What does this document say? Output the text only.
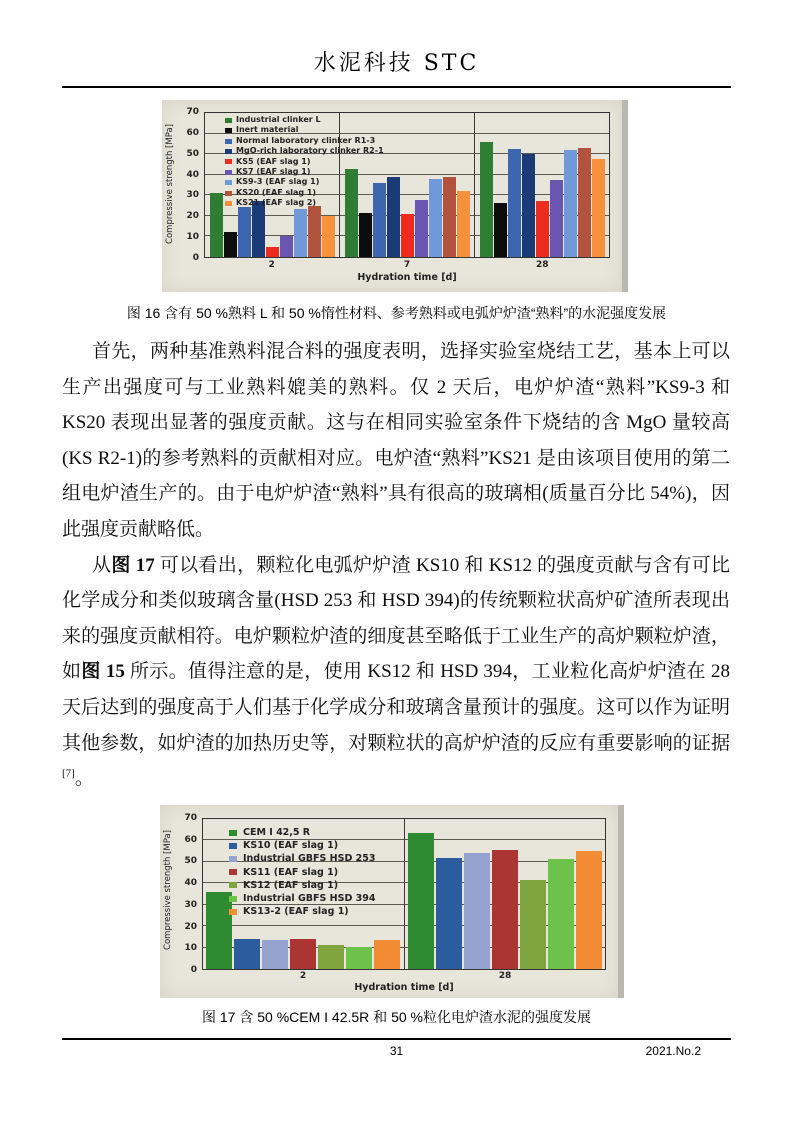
水泥科技 STC
Compressive strength [MPa]
0
10
20
30
40
50
60
70
Industrial clinker L
Inert material
Normal laboratory clinker R1-3
MgO-rich laboratory clinker R2-1
KS5 (EAF slag 1)
KS7 (EAF slag 1)
KS9-3 (EAF slag 1)
KS20 (EAF slag 1)
KS21 (EAF slag 2)
2	7	28
Hydration time [d]
图 16 含有 50 %熟料 L 和 50 %惰性材料、参考熟料或电弧炉炉渣“熟料”的水泥强度发展

首先，两种基准熟料混合料的强度表明，选择实验室烧结工艺，基本上可以生产出强度可与工业熟料媲美的熟料。仅 2 天后，电炉炉渣“熟料”KS9-3 和 KS20 表现出显著的强度贡献。这与在相同实验室条件下烧结的含 MgO 量较高(KS R2-1)的参考熟料的贡献相对应。电炉渣“熟料”KS21 是由该项目使用的第二组电炉渣生产的。由于电炉炉渣“熟料”具有很高的玻璃相(质量百分比 54%)，因此强度贡献略低。

从图 17 可以看出，颗粒化电弧炉炉渣 KS10 和 KS12 的强度贡献与含有可比化学成分和类似玻璃含量(HSD 253 和 HSD 394)的传统颗粒状高炉矿渣所表现出来的强度贡献相符。电炉颗粒炉渣的细度甚至略低于工业生产的高炉颗粒炉渣，如图 15 所示。值得注意的是，使用 KS12 和 HSD 394，工业粒化高炉炉渣在 28 天后达到的强度高于人们基于化学成分和玻璃含量预计的强度。这可以作为证明其他参数，如炉渣的加热历史等，对颗粒状的高炉炉渣的反应有重要影响的证据[7]。

Compressive strength [MPa]
0
10
20
30
40
50
60
70
CEM I 42,5 R
KS10 (EAF slag 1)
Industrial GBFS HSD 253
KS11 (EAF slag 1)
KS12 (EAF slag 1)
Industrial GBFS HSD 394
KS13-2 (EAF slag 1)
2	28
Hydration time [d]
图 17 含 50 %CEM I 42.5R 和 50 %粒化电炉渣水泥的强度发展
31	2021.No.2
